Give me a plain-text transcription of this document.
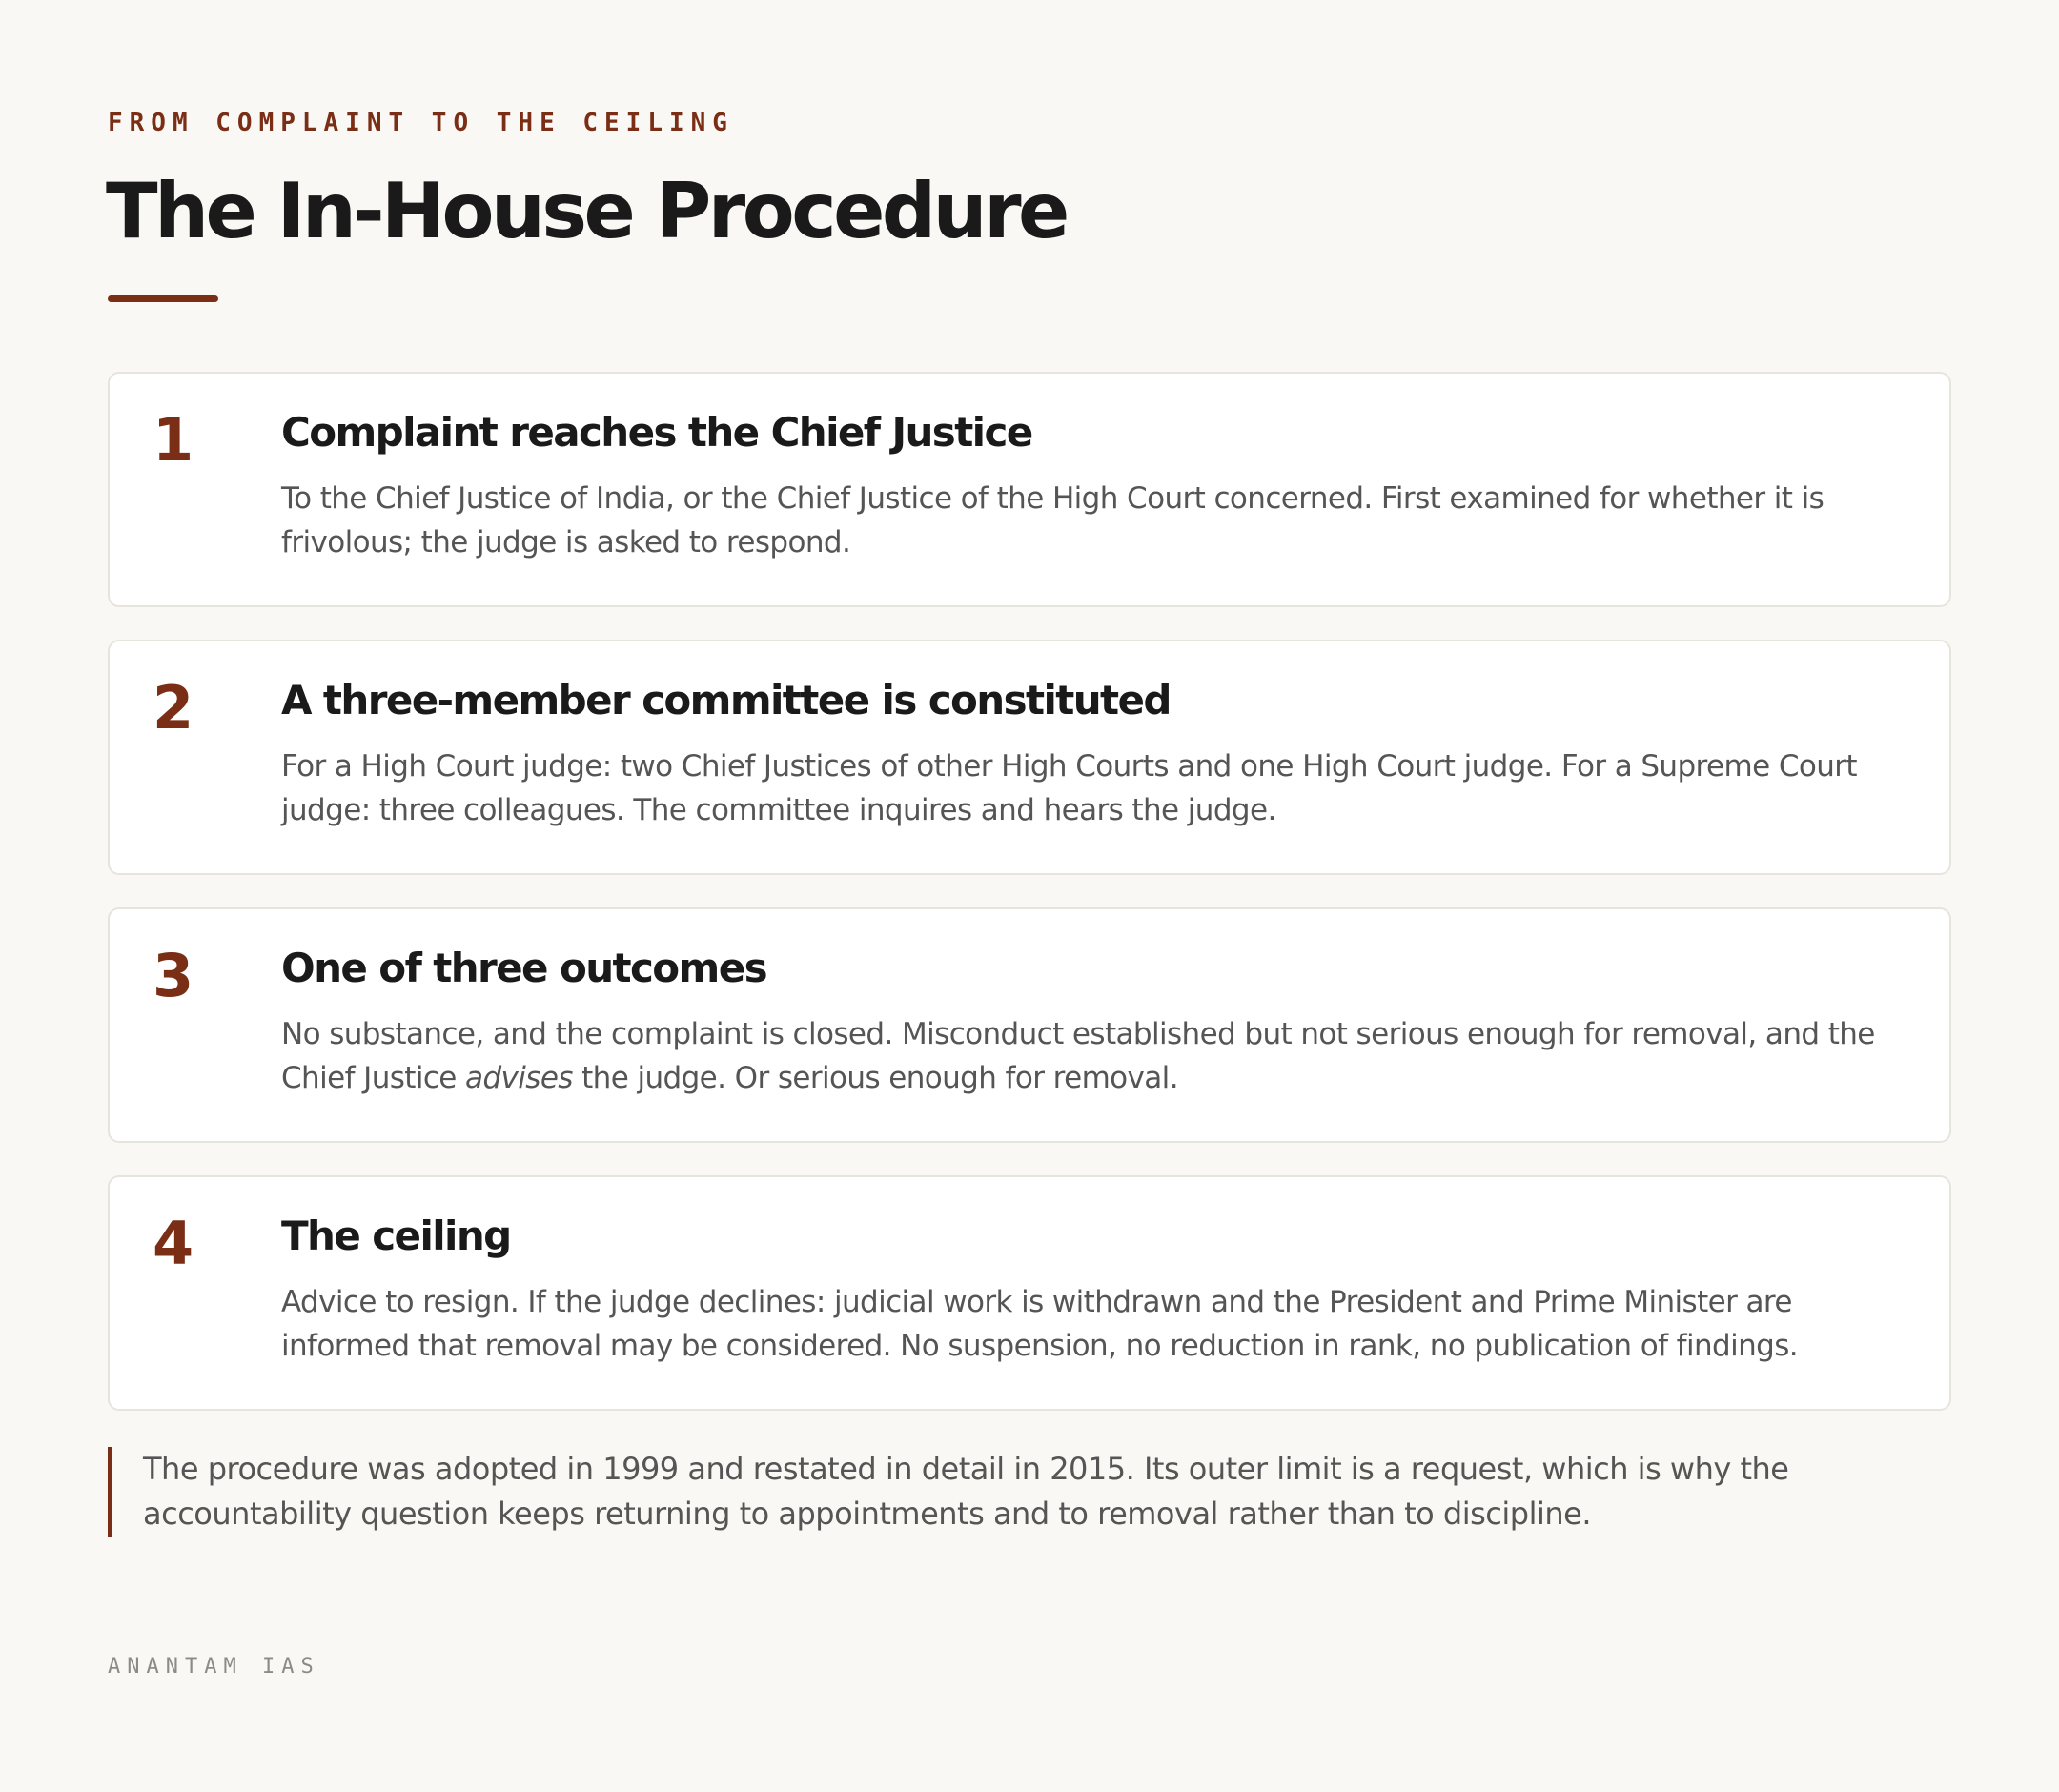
FROM COMPLAINT TO THE CEILING
The In-House Procedure
1 Complaint reaches the Chief Justice
To the Chief Justice of India, or the Chief Justice of the High Court concerned. First examined for whether it is frivolous; the judge is asked to respond.
2 A three-member committee is constituted
For a High Court judge: two Chief Justices of other High Courts and one High Court judge. For a Supreme Court judge: three colleagues. The committee inquires and hears the judge.
3 One of three outcomes
No substance, and the complaint is closed. Misconduct established but not serious enough for removal, and the Chief Justice advises the judge. Or serious enough for removal.
4 The ceiling
Advice to resign. If the judge declines: judicial work is withdrawn and the President and Prime Minister are informed that removal may be considered. No suspension, no reduction in rank, no publication of findings.
The procedure was adopted in 1999 and restated in detail in 2015. Its outer limit is a request, which is why the accountability question keeps returning to appointments and to removal rather than to discipline.
ANANTAM IAS
